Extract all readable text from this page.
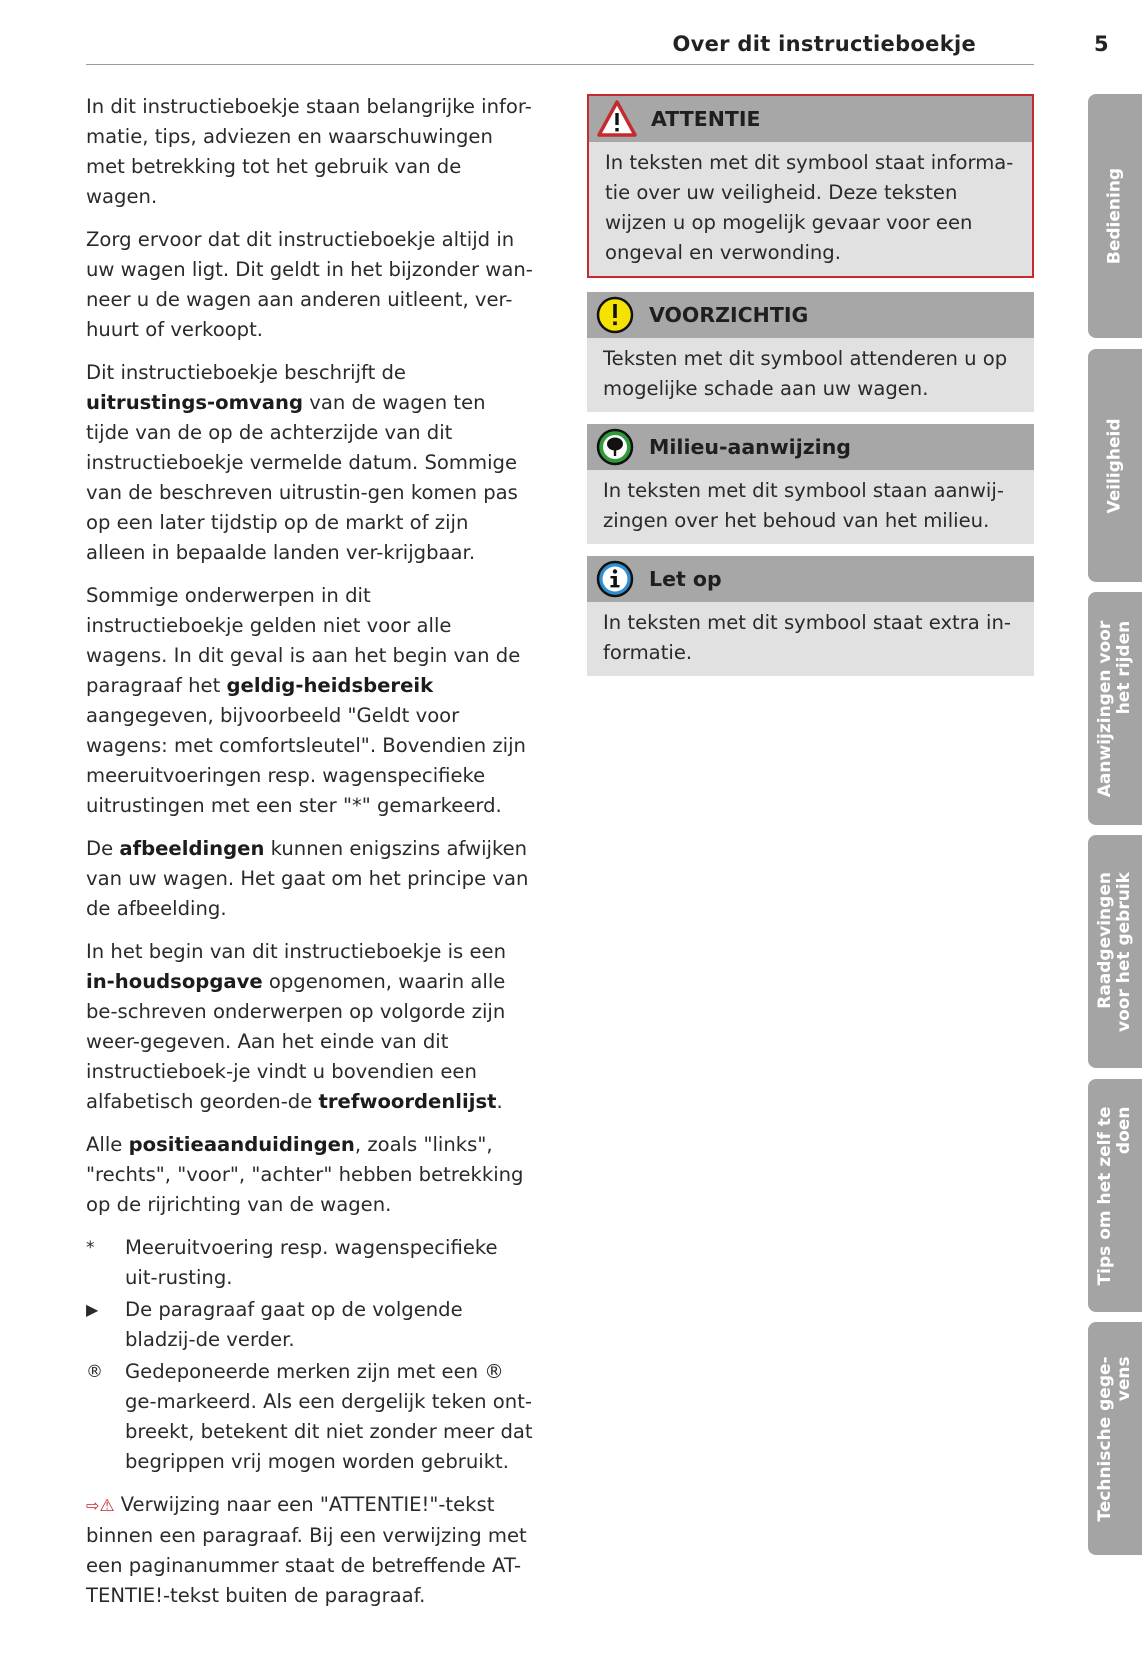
Over dit instructieboekje	5

In dit instructieboekje staan belangrijke infor-matie, tips, adviezen en waarschuwingen met betrekking tot het gebruik van de wagen.

Zorg ervoor dat dit instructieboekje altijd in uw wagen ligt. Dit geldt in het bijzonder wan-neer u de wagen aan anderen uitleent, ver-huurt of verkoopt.

Dit instructieboekje beschrijft de uitrustings-omvang van de wagen ten tijde van de op de achterzijde van dit instructieboekje vermelde datum. Sommige van de beschreven uitrustin-gen komen pas op een later tijdstip op de markt of zijn alleen in bepaalde landen ver-krijgbaar.

Sommige onderwerpen in dit instructieboekje gelden niet voor alle wagens. In dit geval is aan het begin van de paragraaf het geldig-heidsbereik aangegeven, bijvoorbeeld "Geldt voor wagens: met comfortsleutel". Bovendien zijn meeruitvoeringen resp. wagenspecifieke uitrustingen met een ster "*" gemarkeerd.

De afbeeldingen kunnen enigszins afwijken van uw wagen. Het gaat om het principe van de afbeelding.

In het begin van dit instructieboekje is een in-houdsopgave opgenomen, waarin alle be-schreven onderwerpen op volgorde zijn weer-gegeven. Aan het einde van dit instructieboek-je vindt u bovendien een alfabetisch georden-de trefwoordenlijst.

Alle positieaanduidingen, zoals "links", "rechts", "voor", "achter" hebben betrekking op de rijrichting van de wagen.

*	Meeruitvoering resp. wagenspecifieke uit-rusting.
▶	De paragraaf gaat op de volgende bladzij-de verder.
®	Gedeponeerde merken zijn met een ® ge-markeerd. Als een dergelijk teken ont-breekt, betekent dit niet zonder meer dat begrippen vrij mogen worden gebruikt.

⇨⚠ Verwijzing naar een "ATTENTIE!"-tekst binnen een paragraaf. Bij een verwijzing met een paginanummer staat de betreffende AT-TENTIE!-tekst buiten de paragraaf.

ATTENTIE
In teksten met dit symbool staat informa-tie over uw veiligheid. Deze teksten wijzen u op mogelijk gevaar voor een ongeval en verwonding.
VOORZICHTIG
Teksten met dit symbool attenderen u op mogelijke schade aan uw wagen.
Milieu-aanwijzing
In teksten met dit symbool staan aanwij-zingen over het behoud van het milieu.
Let op
In teksten met dit symbool staat extra in-formatie.
Bediening
Veiligheid
Aanwijzingen voor het rijden
Raadgevingen voor het gebruik
Tips om het zelf te doen
Technische gege- vens
